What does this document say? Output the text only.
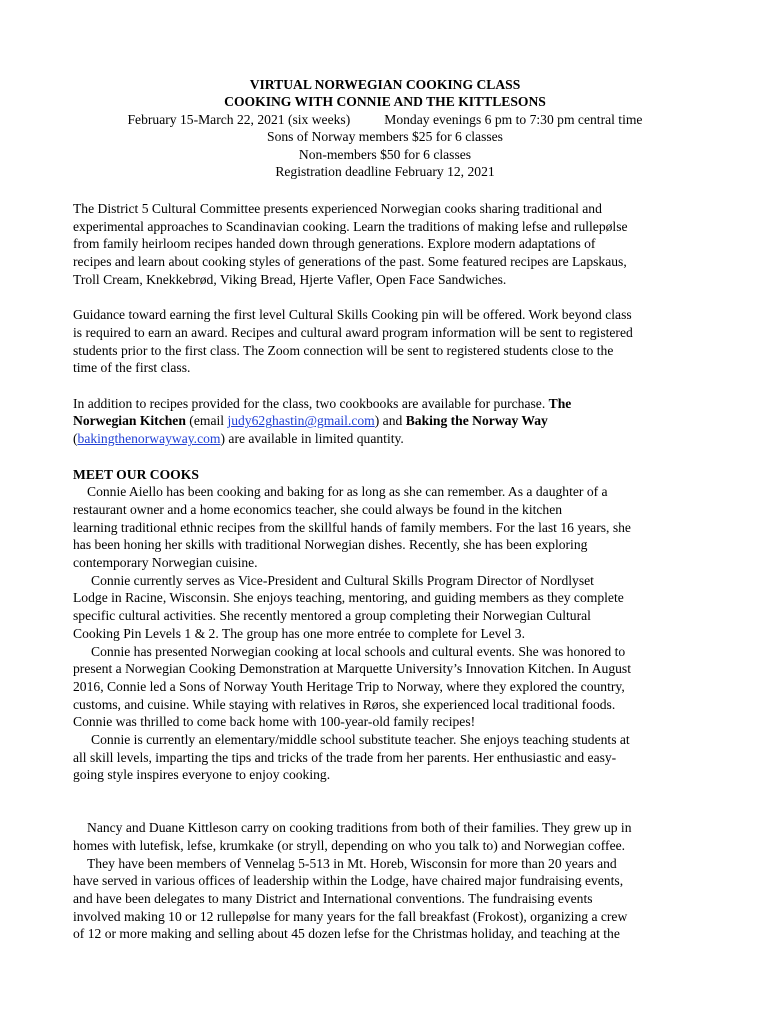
VIRTUAL NORWEGIAN COOKING CLASS
COOKING WITH CONNIE AND THE KITTLESONS
February 15-March 22, 2021 (six weeks)	Monday evenings 6 pm to 7:30 pm central time
Sons of Norway members $25 for 6 classes
Non-members $50 for 6 classes
Registration deadline February 12, 2021
The District 5 Cultural Committee presents experienced Norwegian cooks sharing traditional and
experimental approaches to Scandinavian cooking. Learn the traditions of making lefse and rullepølse
from family heirloom recipes handed down through generations. Explore modern adaptations of
recipes and learn about cooking styles of generations of the past. Some featured recipes are Lapskaus,
Troll Cream, Knekkebrød, Viking Bread, Hjerte Vafler, Open Face Sandwiches.
Guidance toward earning the first level Cultural Skills Cooking pin will be offered. Work beyond class
is required to earn an award. Recipes and cultural award program information will be sent to registered
students prior to the first class. The Zoom connection will be sent to registered students close to the
time of the first class.
In addition to recipes provided for the class, two cookbooks are available for purchase. The
Norwegian Kitchen (email judy62ghastin@gmail.com) and Baking the Norway Way
(bakingthenorwayway.com) are available in limited quantity.
MEET OUR COOKS
Connie Aiello has been cooking and baking for as long as she can remember. As a daughter of a
restaurant owner and a home economics teacher, she could always be found in the kitchen
learning traditional ethnic recipes from the skillful hands of family members. For the last 16 years, she
has been honing her skills with traditional Norwegian dishes. Recently, she has been exploring
contemporary Norwegian cuisine.
Connie currently serves as Vice-President and Cultural Skills Program Director of Nordlyset
Lodge in Racine, Wisconsin. She enjoys teaching, mentoring, and guiding members as they complete
specific cultural activities. She recently mentored a group completing their Norwegian Cultural
Cooking Pin Levels 1 & 2. The group has one more entrée to complete for Level 3.
Connie has presented Norwegian cooking at local schools and cultural events. She was honored to
present a Norwegian Cooking Demonstration at Marquette University’s Innovation Kitchen. In August
2016, Connie led a Sons of Norway Youth Heritage Trip to Norway, where they explored the country,
customs, and cuisine. While staying with relatives in Røros, she experienced local traditional foods.
Connie was thrilled to come back home with 100-year-old family recipes!
Connie is currently an elementary/middle school substitute teacher. She enjoys teaching students at
all skill levels, imparting the tips and tricks of the trade from her parents. Her enthusiastic and easy-
going style inspires everyone to enjoy cooking.
Nancy and Duane Kittleson carry on cooking traditions from both of their families. They grew up in
homes with lutefisk, lefse, krumkake (or stryll, depending on who you talk to) and Norwegian coffee.
They have been members of Vennelag 5-513 in Mt. Horeb, Wisconsin for more than 20 years and
have served in various offices of leadership within the Lodge, have chaired major fundraising events,
and have been delegates to many District and International conventions. The fundraising events
involved making 10 or 12 rullepølse for many years for the fall breakfast (Frokost), organizing a crew
of 12 or more making and selling about 45 dozen lefse for the Christmas holiday, and teaching at the
